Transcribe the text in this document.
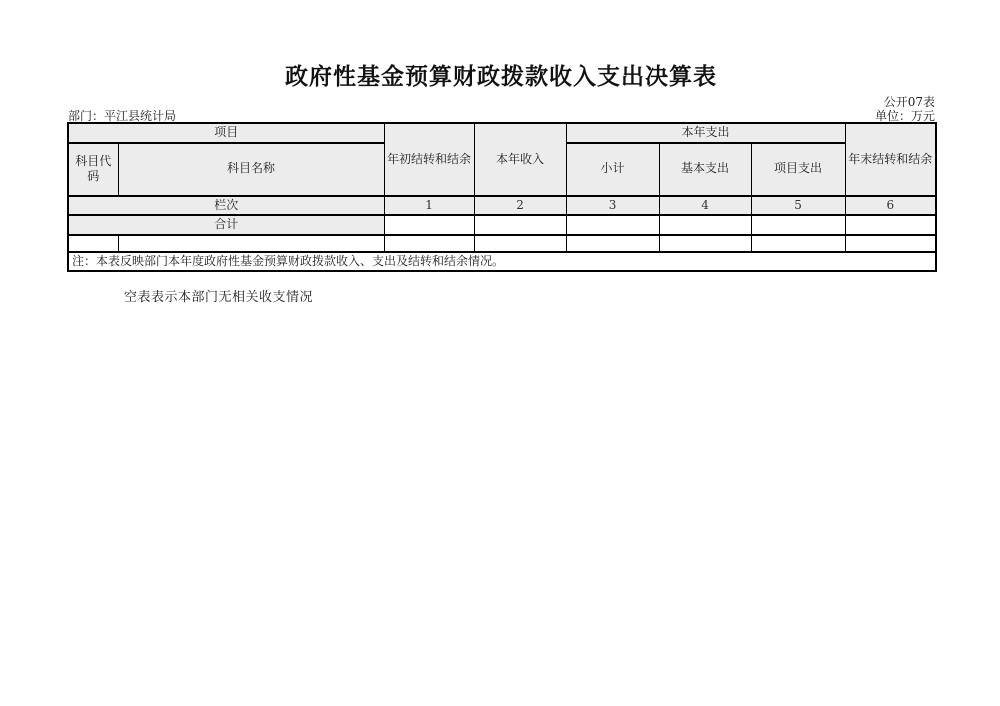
政府性基金预算财政拨款收入支出决算表
公开07表
部门：平江县统计局	单位：万元
项目		年初结转和结余	本年收入	本年支出			年末结转和结余
科目代码	科目名称			小计	基本支出	项目支出	
栏次		1	2	3	4	5	6
合计							

注：本表反映部门本年度政府性基金预算财政拨款收入、支出及结转和结余情况。							
空表表示本部门无相关收支情况
